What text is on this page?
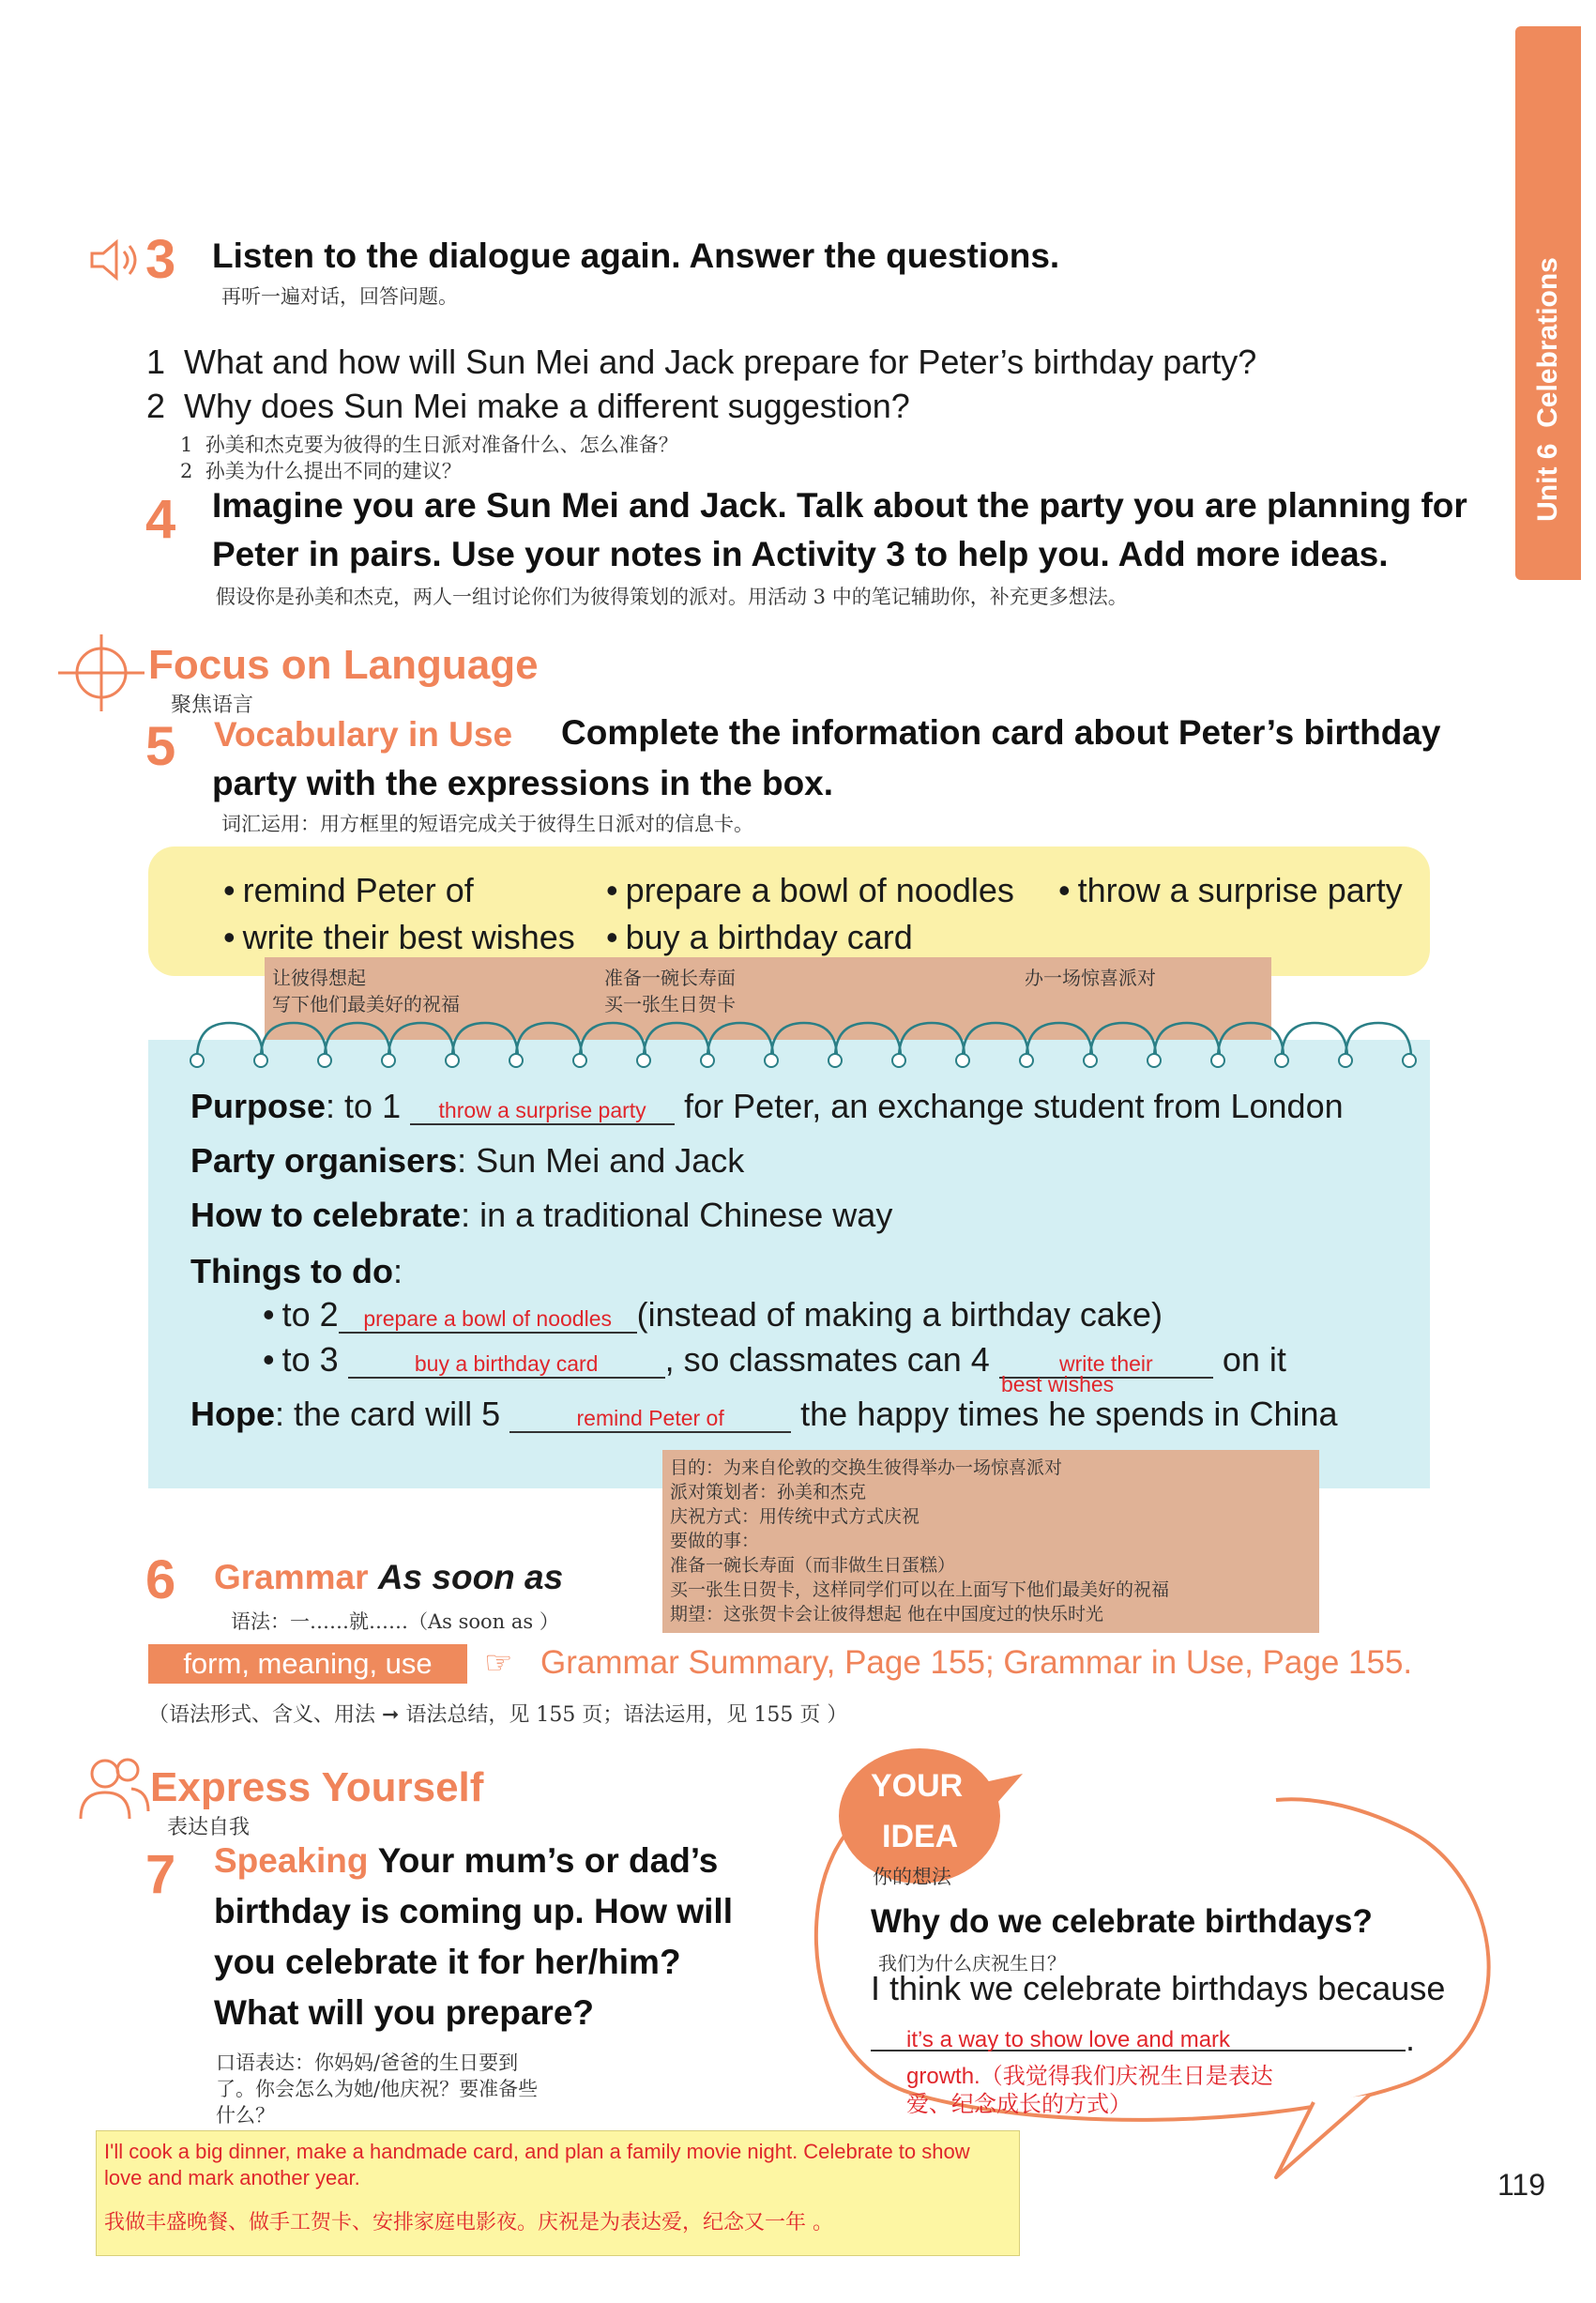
Unit 6  Celebrations
3 Listen to the dialogue again. Answer the questions.
再听一遍对话，回答问题。
1  What and how will Sun Mei and Jack prepare for Peter’s birthday party?
2  Why does Sun Mei make a different suggestion?
1  孙美和杰克要为彼得的生日派对准备什么、怎么准备？
2  孙美为什么提出不同的建议？
4 Imagine you are Sun Mei and Jack. Talk about the party you are planning for
Peter in pairs. Use your notes in Activity 3 to help you. Add more ideas.
假设你是孙美和杰克，两人一组讨论你们为彼得策划的派对。用活动 3 中的笔记辅助你，补充更多想法。
Focus on Language
聚焦语言
5 Vocabulary in Use Complete the information card about Peter’s birthday
party with the expressions in the box.
词汇运用：用方框里的短语完成关于彼得生日派对的信息卡。
• remind Peter of	• prepare a bowl of noodles	• throw a surprise party
• write their best wishes	• buy a birthday card
让彼得想起
写下他们最美好的祝福
准备一碗长寿面
买一张生日贺卡
办一场惊喜派对
Purpose: to 1 throw a surprise party for Peter, an exchange student from London
Party organisers: Sun Mei and Jack
How to celebrate: in a traditional Chinese way
Things to do:
• to 2 prepare a bowl of noodles (instead of making a birthday cake)
• to 3	buy a birthday card , so classmates can 4	write their on it
best wishes
Hope: the card will 5	remind Peter of the happy times he spends in China
目的：为来自伦敦的交换生彼得举办一场惊喜派对
派对策划者：孙美和杰克
庆祝方式：用传统中式方式庆祝
要做的事：
准备一碗长寿面（而非做生日蛋糕）
买一张生日贺卡，这样同学们可以在上面写下他们最美好的祝福
期望：这张贺卡会让彼得想起 他在中国度过的快乐时光
6 Grammar As soon as
语法：一……就……（As soon as ）
form, meaning, use	☞ Grammar Summary, Page 155; Grammar in Use, Page 155.
（语法形式、含义、用法 ➞ 语法总结，见 155 页；语法运用，见 155 页 ）
Express Yourself
表达自我
7 Speaking Your mum’s or dad’s
birthday is coming up. How will
you celebrate it for her/him?
What will you prepare?
口语表达：你妈妈/爸爸的生日要到
了。你会怎么为她/他庆祝？要准备些
什么？
YOUR
IDEA
你的想法
Why do we celebrate birthdays?
我们为什么庆祝生日？
I think we celebrate birthdays because
.
it’s a way to show love and mark
growth.（我觉得我们庆祝生日是表达
爱、纪念成长的方式）
I'll cook a big dinner, make a handmade card, and plan a family movie night. Celebrate to show love and mark another year.
我做丰盛晚餐、做手工贺卡、安排家庭电影夜。庆祝是为表达爱，纪念又一年 。
119
